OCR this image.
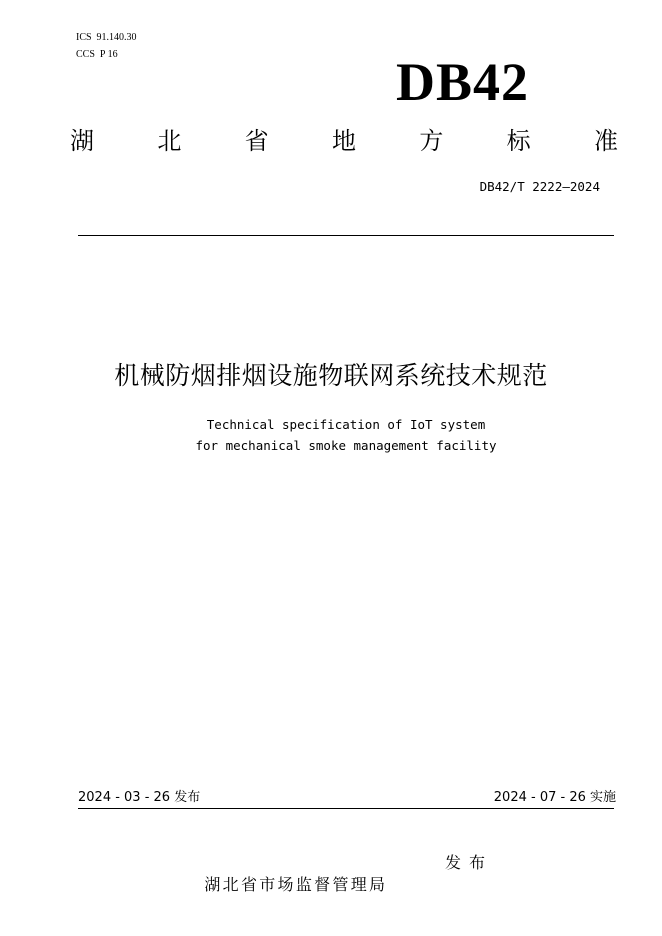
ICS  91.140.30
CCS  P 16	DB42
湖	北	省	地	方	标	准
DB42/T 2222—2024
机械防烟排烟设施物联网系统技术规范
Technical specification of IoT system
for mechanical smoke management facility
2024 - 03 - 26 发布	2024 - 07 - 26 实施

湖北省市场监督管理局

发布
